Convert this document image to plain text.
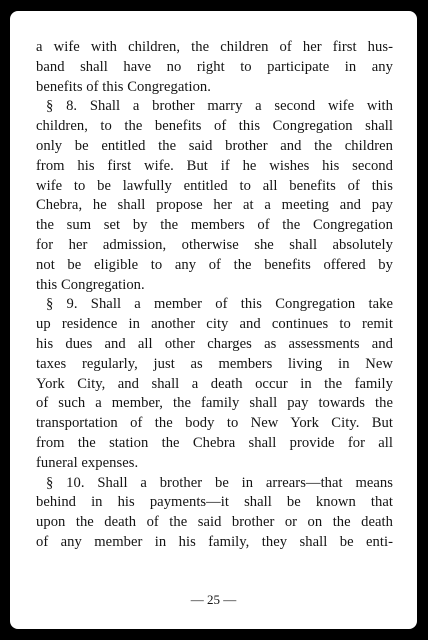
a wife with children, the children of her first hus-
band shall have no right to participate in any
benefits of this Congregation.
§ 8. Shall a brother marry a second wife with
children, to the benefits of this Congregation shall
only be entitled the said brother and the children
from his first wife. But if he wishes his second
wife to be lawfully entitled to all benefits of this
Chebra, he shall propose her at a meeting and pay
the sum set by the members of the Congregation
for her admission, otherwise she shall absolutely
not be eligible to any of the benefits offered by
this Congregation.
§ 9. Shall a member of this Congregation take
up residence in another city and continues to remit
his dues and all other charges as assessments and
taxes regularly, just as members living in New
York City, and shall a death occur in the family
of such a member, the family shall pay towards the
transportation of the body to New York City. But
from the station the Chebra shall provide for all
funeral expenses.
§ 10. Shall a brother be in arrears—that means
behind in his payments—it shall be known that
upon the death of the said brother or on the death
of any member in his family, they shall be enti-
— 25 —
